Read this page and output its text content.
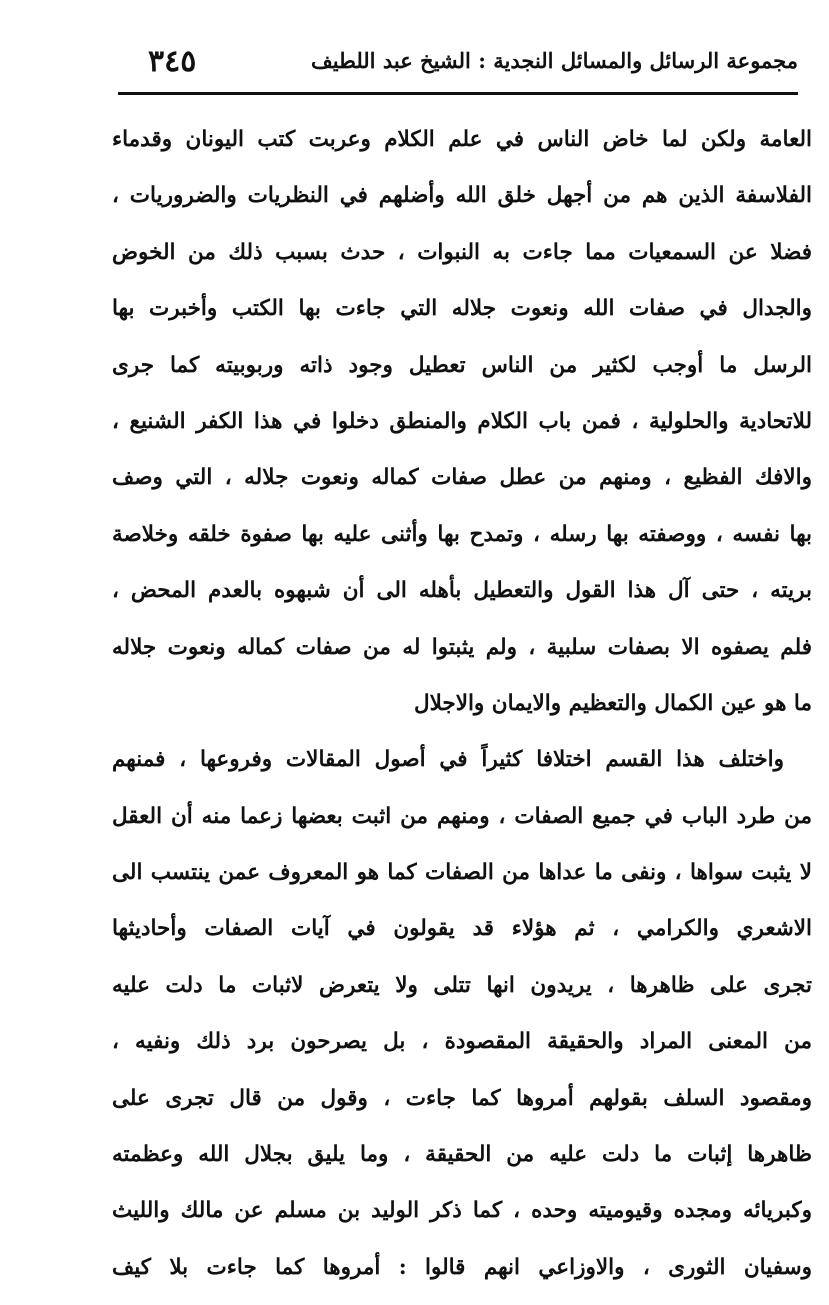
مجموعة الرسائل والمسائل النجدية : الشيخ عبد اللطيف
٣٤٥
العامة ولكن لما خاض الناس في علم الكلام وعربت كتب اليونان وقدماء
الفلاسفة الذين هم من أجهل خلق الله وأضلهم في النظريات والضروريات ،
فضلا عن السمعيات مما جاءت به النبوات ، حدث بسبب ذلك من الخوض
والجدال في صفات الله ونعوت جلاله التي جاءت بها الكتب وأخبرت بها
الرسل ما أوجب لكثير من الناس تعطيل وجود ذاته وربوبيته كما جرى
للاتحادية والحلولية ، فمن باب الكلام والمنطق دخلوا في هذا الكفر الشنيع ،
والافك الفظيع ، ومنهم من عطل صفات كماله ونعوت جلاله ، التي وصف
بها نفسه ، ووصفته بها رسله ، وتمدح بها وأثنى عليه بها صفوة خلقه وخلاصة
بريته ، حتى آل هذا القول والتعطيل بأهله الى أن شبهوه بالعدم المحض ،
فلم يصفوه الا بصفات سلبية ، ولم يثبتوا له من صفات كماله ونعوت جلاله
ما هو عين الكمال والتعظيم والايمان والاجلال
واختلف هذا القسم اختلافا كثيراً في أصول المقالات وفروعها ، فمنهم
من طرد الباب في جميع الصفات ، ومنهم من اثبت بعضها زعما منه أن العقل
لا يثبت سواها ، ونفى ما عداها من الصفات كما هو المعروف عمن ينتسب الى
الاشعري والكرامي ، ثم هؤلاء قد يقولون في آيات الصفات وأحاديثها
تجرى على ظاهرها ، يريدون انها تتلى ولا يتعرض لاثبات ما دلت عليه
من المعنى المراد والحقيقة المقصودة ، بل يصرحون برد ذلك ونفيه ،
ومقصود السلف بقولهم أمروها كما جاءت ، وقول من قال تجرى على
ظاهرها إثبات ما دلت عليه من الحقيقة ، وما يليق بجلال الله وعظمته
وكبريائه ومجده وقيوميته وحده ، كما ذكر الوليد بن مسلم عن مالك والليث
وسفيان الثورى ، والاوزاعي انهم قالوا : أمروها كما جاءت بلا كيف
